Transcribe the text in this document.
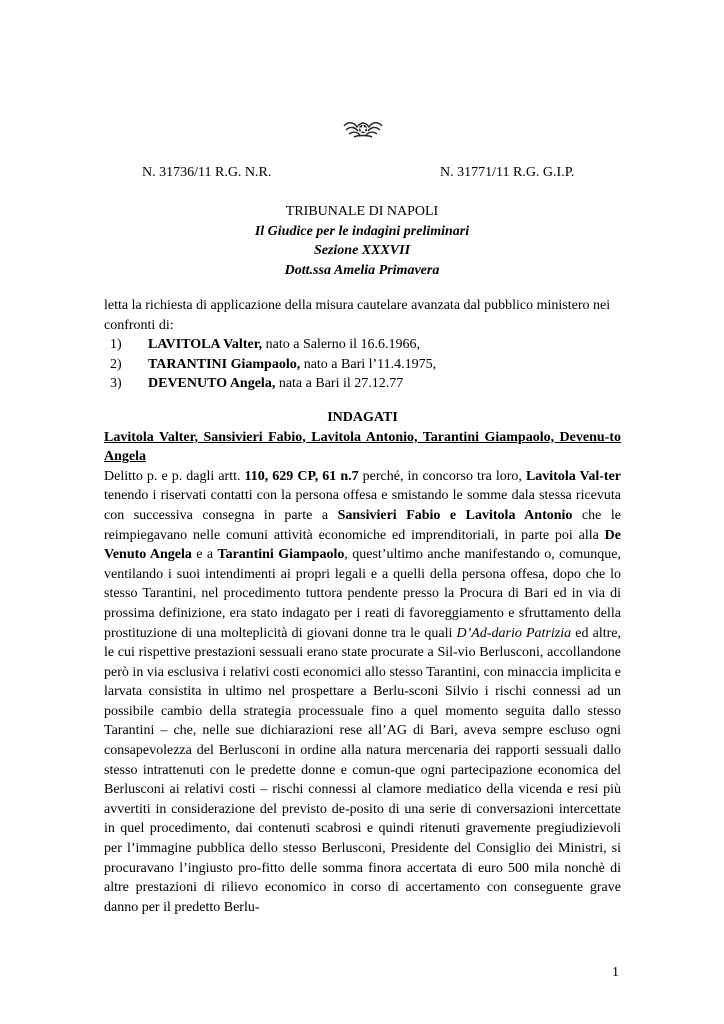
N. 31736/11 R.G. N.R.	N. 31771/11 R.G. G.I.P.
TRIBUNALE DI NAPOLI
Il Giudice per le indagini preliminari
Sezione XXXVII
Dott.ssa Amelia Primavera

letta la richiesta di applicazione della misura cautelare avanzata dal pubblico ministero nei confronti di:

1)	LAVITOLA Valter, nato a Salerno il 16.6.1966,
2)	TARANTINI Giampaolo, nato a Bari l’11.4.1975,
3)	DEVENUTO Angela, nata a Bari il 27.12.77

INDAGATI

Lavitola Valter, Sansivieri Fabio, Lavitola Antonio, Tarantini Giampaolo, Devenu-to Angela

Delitto p. e p. dagli artt. 110, 629 CP, 61 n.7 perché, in concorso tra loro, Lavitola Val-ter tenendo i riservati contatti con la persona offesa e smistando le somme dala stessa ricevuta con successiva consegna in parte a Sansivieri Fabio e Lavitola Antonio che le reimpiegavano nelle comuni attività economiche ed imprenditoriali, in parte poi alla De Venuto Angela e a Tarantini Giampaolo, quest’ultimo anche manifestando o, comunque, ventilando i suoi intendimenti ai propri legali e a quelli della persona offesa, dopo che lo stesso Tarantini, nel procedimento tuttora pendente presso la Procura di Bari ed in via di prossima definizione, era stato indagato per i reati di favoreggiamento e sfruttamento della prostituzione di una molteplicità di giovani donne tra le quali D’Ad-dario Patrizia ed altre, le cui rispettive prestazioni sessuali erano state procurate a Sil-vio Berlusconi, accollandone però in via esclusiva i relativi costi economici allo stesso Tarantini, con minaccia implicita e larvata consistita in ultimo nel prospettare a Berlu-sconi Silvio i rischi connessi ad un possibile cambio della strategia processuale fino a quel momento seguita dallo stesso Tarantini – che, nelle sue dichiarazioni rese all’AG di Bari, aveva sempre escluso ogni consapevolezza del Berlusconi in ordine alla natura mercenaria dei rapporti sessuali dallo stesso intrattenuti con le predette donne e comun-que ogni partecipazione economica del Berlusconi ai relativi costi – rischi connessi al clamore mediatico della vicenda e resi più avvertiti in considerazione del previsto de-posito di una serie di conversazioni intercettate in quel procedimento, dai contenuti scabrosi e quindi ritenuti gravemente pregiudizievoli per l’immagine pubblica dello stesso Berlusconi, Presidente del Consiglio dei Ministri, si procuravano l’ingiusto pro-fitto delle somma finora accertata di euro 500 mila nonchè di altre prestazioni di rilievo economico in corso di accertamento con conseguente grave danno per il predetto Berlu-

1
